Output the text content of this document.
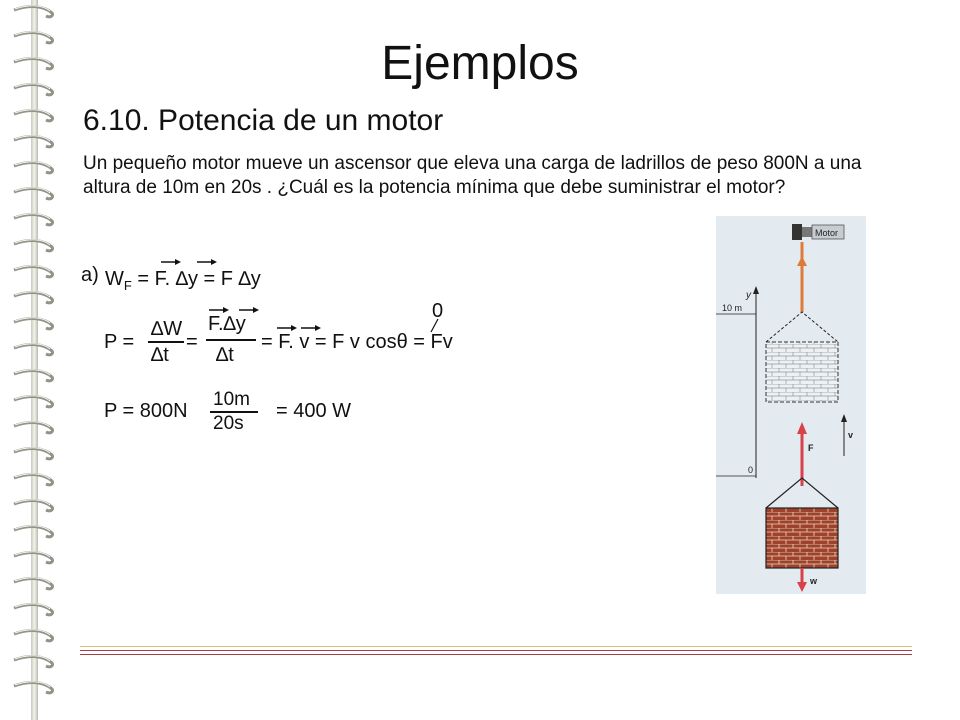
Ejemplos
6.10. Potencia de un motor
Un pequeño motor mueve un ascensor que eleva una carga de ladrillos de peso 800N a una altura de 10m en 20s . ¿Cuál es la potencia mínima que debe suministrar el motor?
a) $W_F = F$. ∆y = F ∆y
P =
∆W
∆t
=
F.∆y
∆t
= F. v = F v cosθ = Fv
0
P = 800N
10m
20s
= 400 W
Motor
y
10 m
0
v
F
w
